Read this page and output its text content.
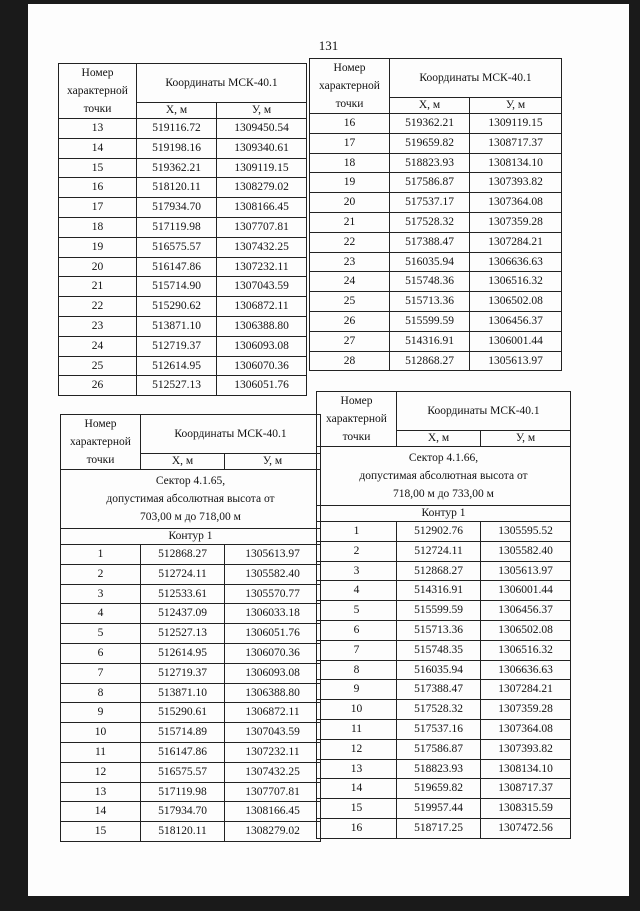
131
Номер характерной точки	Координаты МСК-40.1	
	X, м	У, м
13	519116.72	1309450.54
14	519198.16	1309340.61
15	519362.21	1309119.15
16	518120.11	1308279.02
17	517934.70	1308166.45
18	517119.98	1307707.81
19	516575.57	1307432.25
20	516147.86	1307232.11
21	515714.90	1307043.59
22	515290.62	1306872.11
23	513871.10	1306388.80
24	512719.37	1306093.08
25	512614.95	1306070.36
26	512527.13	1306051.76
Номер характерной точки	Координаты МСК-40.1	
	X, м	У, м
16	519362.21	1309119.15
17	519659.82	1308717.37
18	518823.93	1308134.10
19	517586.87	1307393.82
20	517537.17	1307364.08
21	517528.32	1307359.28
22	517388.47	1307284.21
23	516035.94	1306636.63
24	515748.36	1306516.32
25	515713.36	1306502.08
26	515599.59	1306456.37
27	514316.91	1306001.44
28	512868.27	1305613.97
Номер характерной точки	Координаты МСК-40.1	
	X, м	У, м

Сектор 4.1.65,
допустимая абсолютная высота от
703,00 м до 718,00 м		

Контур 1		
1	512868.27	1305613.97
2	512724.11	1305582.40
3	512533.61	1305570.77
4	512437.09	1306033.18
5	512527.13	1306051.76
6	512614.95	1306070.36
7	512719.37	1306093.08
8	513871.10	1306388.80
9	515290.61	1306872.11
10	515714.89	1307043.59
11	516147.86	1307232.11
12	516575.57	1307432.25
13	517119.98	1307707.81
14	517934.70	1308166.45
15	518120.11	1308279.02
Номер характерной точки	Координаты МСК-40.1	
	X, м	У, м

Сектор 4.1.66,
допустимая абсолютная высота от
718,00 м до 733,00 м		

Контур 1		
1	512902.76	1305595.52
2	512724.11	1305582.40
3	512868.27	1305613.97
4	514316.91	1306001.44
5	515599.59	1306456.37
6	515713.36	1306502.08
7	515748.35	1306516.32
8	516035.94	1306636.63
9	517388.47	1307284.21
10	517528.32	1307359.28
11	517537.16	1307364.08
12	517586.87	1307393.82
13	518823.93	1308134.10
14	519659.82	1308717.37
15	519957.44	1308315.59
16	518717.25	1307472.56
